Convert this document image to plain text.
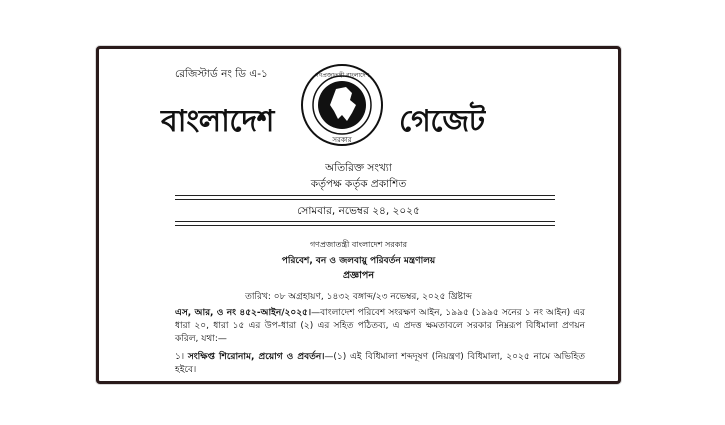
রেজিস্টার্ড নং ডি এ-১
বাংলাদেশ
গণপ্রজাতন্ত্রী বাংলাদেশ
সরকার
গেজেট
অতিরিক্ত সংখ্যা
কর্তৃপক্ষ কর্তৃক প্রকাশিত
সোমবার, নভেম্বর ২৪, ২০২৫
গণপ্রজাতন্ত্রী বাংলাদেশ সরকার
পরিবেশ, বন ও জলবায়ু পরিবর্তন মন্ত্রণালয়
প্রজ্ঞাপন
তারিখ: ০৮ অগ্রহায়ণ, ১৪৩২ বঙ্গাব্দ/২৩ নভেম্বর, ২০২৫ খ্রিষ্টাব্দ
এস, আর, ও নং ৪৫২-আইন/২০২৫।—বাংলাদেশ পরিবেশ সংরক্ষণ আইন, ১৯৯৫ (১৯৯৫ সনের ১ নং আইন) এর ধারা ২০, ধারা ১৫ এর উপ-ধারা (২) এর সহিত পঠিতব্য, এ প্রদত্ত ক্ষমতাবলে সরকার নিম্নরূপ বিধিমালা প্রণয়ন করিল, যথা:—
১। সংক্ষিপ্ত শিরোনাম, প্রয়োগ ও প্রবর্তন।—(১) এই বিধিমালা শব্দদূষণ (নিয়ন্ত্রণ) বিধিমালা, ২০২৫ নামে অভিহিত হইবে।
